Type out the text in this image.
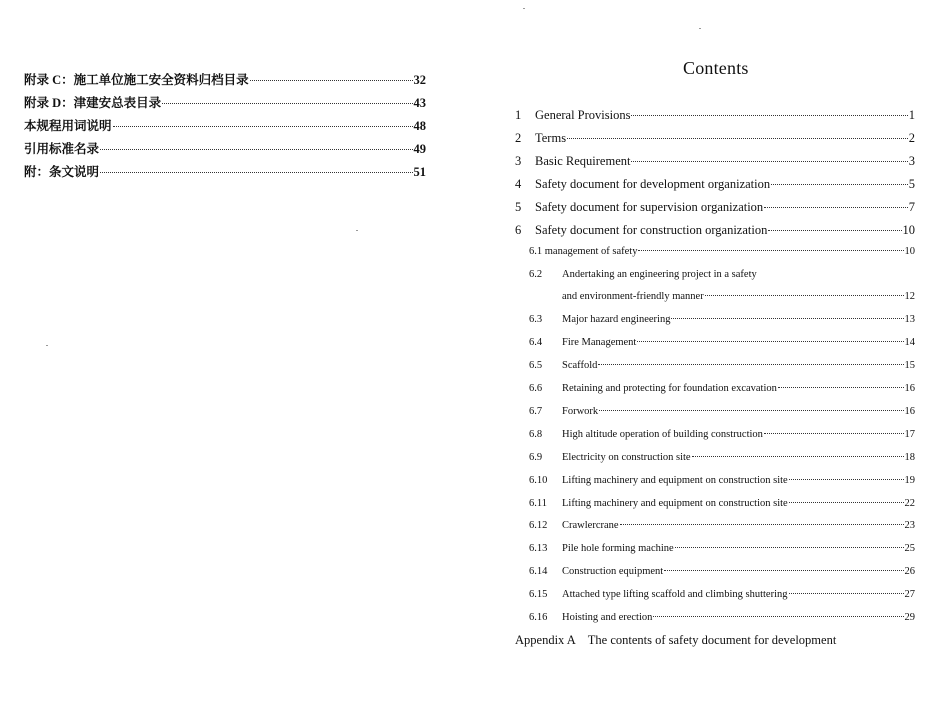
附录 C：施工单位施工安全资料归档目录	32
附录 D：津建安总表目录	43
本规程用词说明	48
引用标准名录	49
附：条文说明	51
Contents
1 General Provisions	1
2 Terms	2
3 Basic Requirement	3
4 Safety document for development organization	5
5 Safety document for supervision organization	7
6 Safety document for construction organization	10
6.1 management of safety	10
6.2 Andertaking an engineering project in a safety
and environment-friendly manner	12
6.3 Major hazard engineering	13
6.4 Fire Management	14
6.5 Scaffold	15
6.6 Retaining and protecting for foundation excavation	16
6.7 Forwork	16
6.8 High altitude operation of building construction	17
6.9 Electricity on construction site	18
6.10 Lifting machinery and equipment on construction site	19
6.11 Lifting machinery and equipment on construction site	22
6.12 Crawlercrane	23
6.13 Pile hole forming machine	25
6.14 Construction equipment	26
6.15 Attached type lifting scaffold and climbing shuttering	27
6.16 Hoisting and erection	29
Appendix A The contents of safety document for development
